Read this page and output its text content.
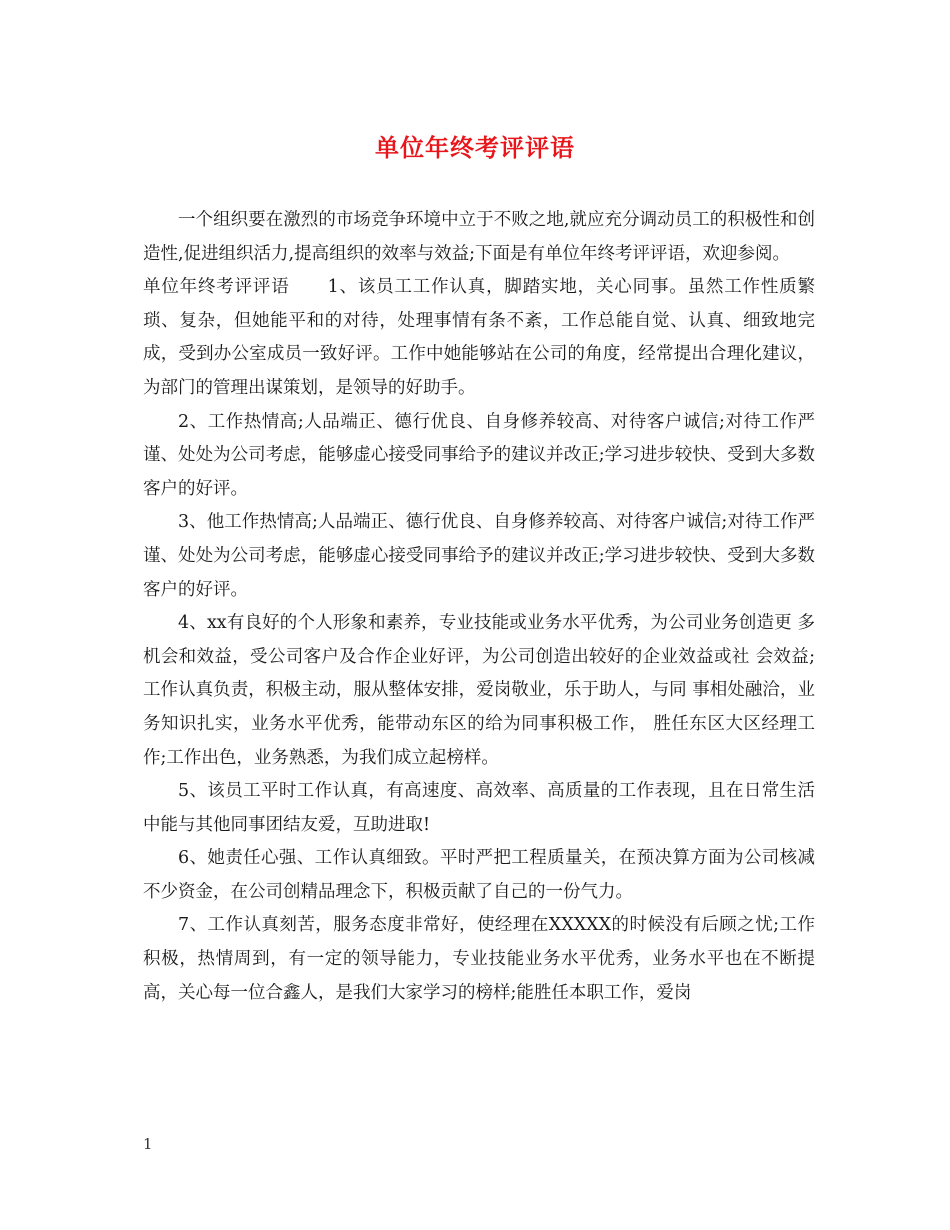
单位年终考评评语

一个组织要在激烈的市场竞争环境中立于不败之地,就应充分调动员工的积极性和创造性,促进组织活力,提高组织的效率与效益;下面是有单位年终考评评语，欢迎参阅。

单位年终考评评语 1、该员工工作认真，脚踏实地，关心同事。虽然工作性质繁琐、复杂，但她能平和的对待，处理事情有条不紊，工作总能自觉、认真、细致地完成，受到办公室成员一致好评。工作中她能够站在公司的角度，经常提出合理化建议，为部门的管理出谋策划，是领导的好助手。

2、工作热情高;人品端正、德行优良、自身修养较高、对待客户诚信;对待工作严谨、处处为公司考虑，能够虚心接受同事给予的建议并改正;学习进步较快、受到大多数客户的好评。

3、他工作热情高;人品端正、德行优良、自身修养较高、对待客户诚信;对待工作严谨、处处为公司考虑，能够虚心接受同事给予的建议并改正;学习进步较快、受到大多数客户的好评。

4、xx有良好的个人形象和素养，专业技能或业务水平优秀，为公司业务创造更 多机会和效益，受公司客户及合作企业好评，为公司创造出较好的企业效益或社 会效益;工作认真负责，积极主动，服从整体安排，爱岗敬业，乐于助人，与同 事相处融洽，业务知识扎实，业务水平优秀，能带动东区的给为同事积极工作， 胜任东区大区经理工作;工作出色，业务熟悉，为我们成立起榜样。

5、该员工平时工作认真，有高速度、高效率、高质量的工作表现，且在日常生活中能与其他同事团结友爱，互助进取!

6、她责任心强、工作认真细致。平时严把工程质量关，在预决算方面为公司核减不少资金，在公司创精品理念下，积极贡献了自己的一份气力。

7、工作认真刻苦，服务态度非常好，使经理在XXXXX的时候没有后顾之忧;工作积极，热情周到，有一定的领导能力，专业技能业务水平优秀，业务水平也在不断提高，关心每一位合鑫人，是我们大家学习的榜样;能胜任本职工作，爱岗

1
